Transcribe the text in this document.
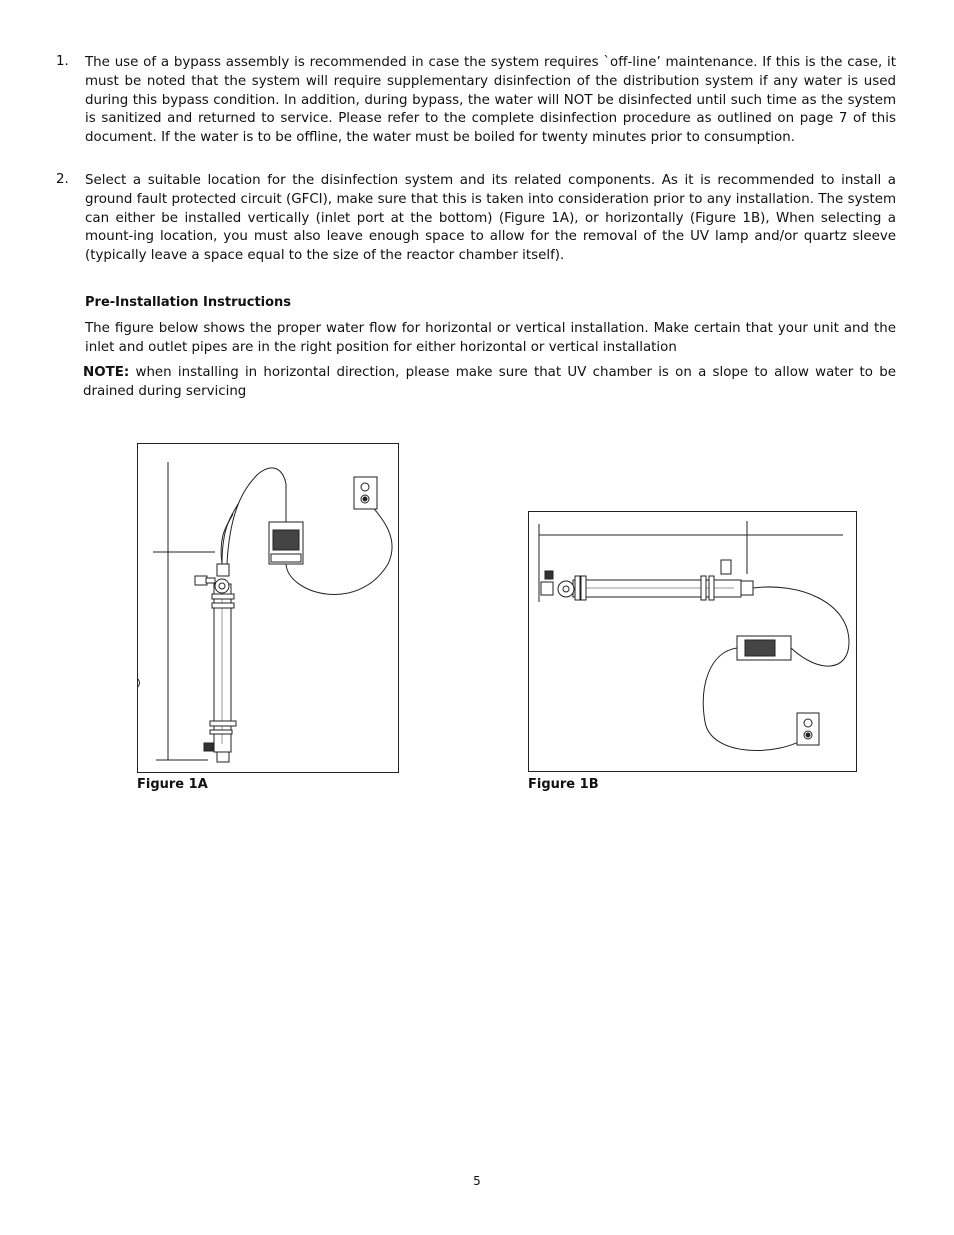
1. The use of a bypass assembly is recommended in case the system requires `off-line’ maintenance. If this is the case, it must be noted that the system will require supplementary disinfection of the distribution system if any water is used during this bypass condition. In addition, during bypass, the water will NOT be disinfected until such time as the system is sanitized and returned to service. Please refer to the complete disinfection procedure as outlined on page 7 of this document. If the water is to be offline, the water must be boiled for twenty minutes prior to consumption.
2. Select a suitable location for the disinfection system and its related components. As it is recommended to install a ground fault protected circuit (GFCI), make sure that this is taken into consideration prior to any installation. The system can either be installed vertically (inlet port at the bottom) (Figure 1A), or horizontally (Figure 1B), When selecting a mount-ing location, you must also leave enough space to allow for the removal of the UV lamp and/or quartz sleeve (typically leave a space equal to the size of the reactor chamber itself).
Pre-Installation Instructions
The figure below shows the proper water flow for horizontal or vertical installation. Make certain that your unit and the inlet and outlet pipes are in the right position for either horizontal or vertical installation
NOTE: when installing in horizontal direction, please make sure that UV chamber is on a slope to allow water to be drained during servicing
Figure 1A	Figure 1B
5
